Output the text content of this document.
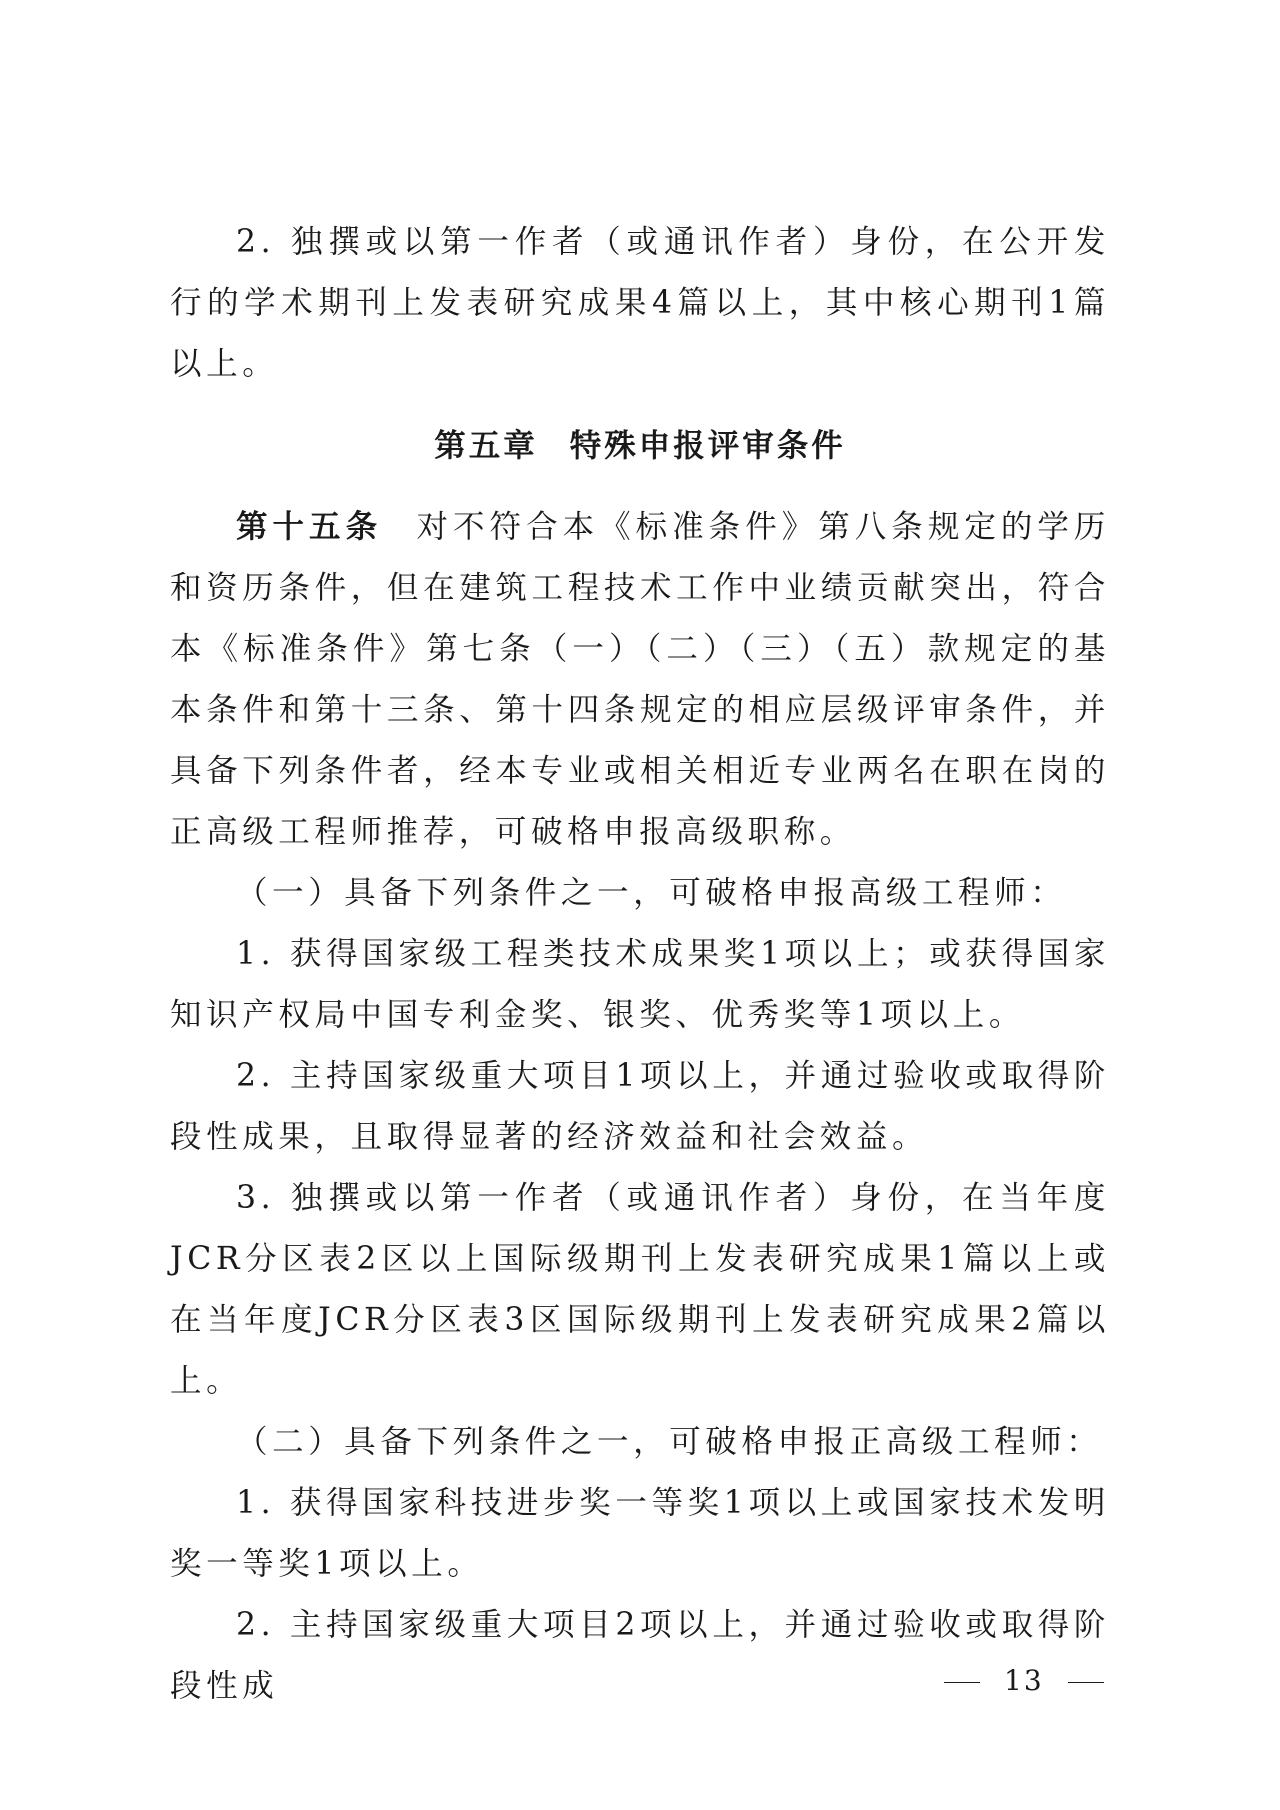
2. 独撰或以第一作者（或通讯作者）身份，在公开发行的学术期刊上发表研究成果4篇以上，其中核心期刊1篇以上。

第五章 特殊申报评审条件

第十五条 对不符合本《标准条件》第八条规定的学历和资历条件，但在建筑工程技术工作中业绩贡献突出，符合本《标准条件》第七条（一）（二）（三）（五）款规定的基本条件和第十三条、第十四条规定的相应层级评审条件，并具备下列条件者，经本专业或相关相近专业两名在职在岗的正高级工程师推荐，可破格申报高级职称。

（一）具备下列条件之一，可破格申报高级工程师：

1. 获得国家级工程类技术成果奖1项以上；或获得国家知识产权局中国专利金奖、银奖、优秀奖等1项以上。

2. 主持国家级重大项目1项以上，并通过验收或取得阶段性成果，且取得显著的经济效益和社会效益。

3. 独撰或以第一作者（或通讯作者）身份，在当年度JCR分区表2区以上国际级期刊上发表研究成果1篇以上或在当年度JCR分区表3区国际级期刊上发表研究成果2篇以上。

（二）具备下列条件之一，可破格申报正高级工程师：

1. 获得国家科技进步奖一等奖1项以上或国家技术发明奖一等奖1项以上。

2. 主持国家级重大项目2项以上，并通过验收或取得阶段性成	13
